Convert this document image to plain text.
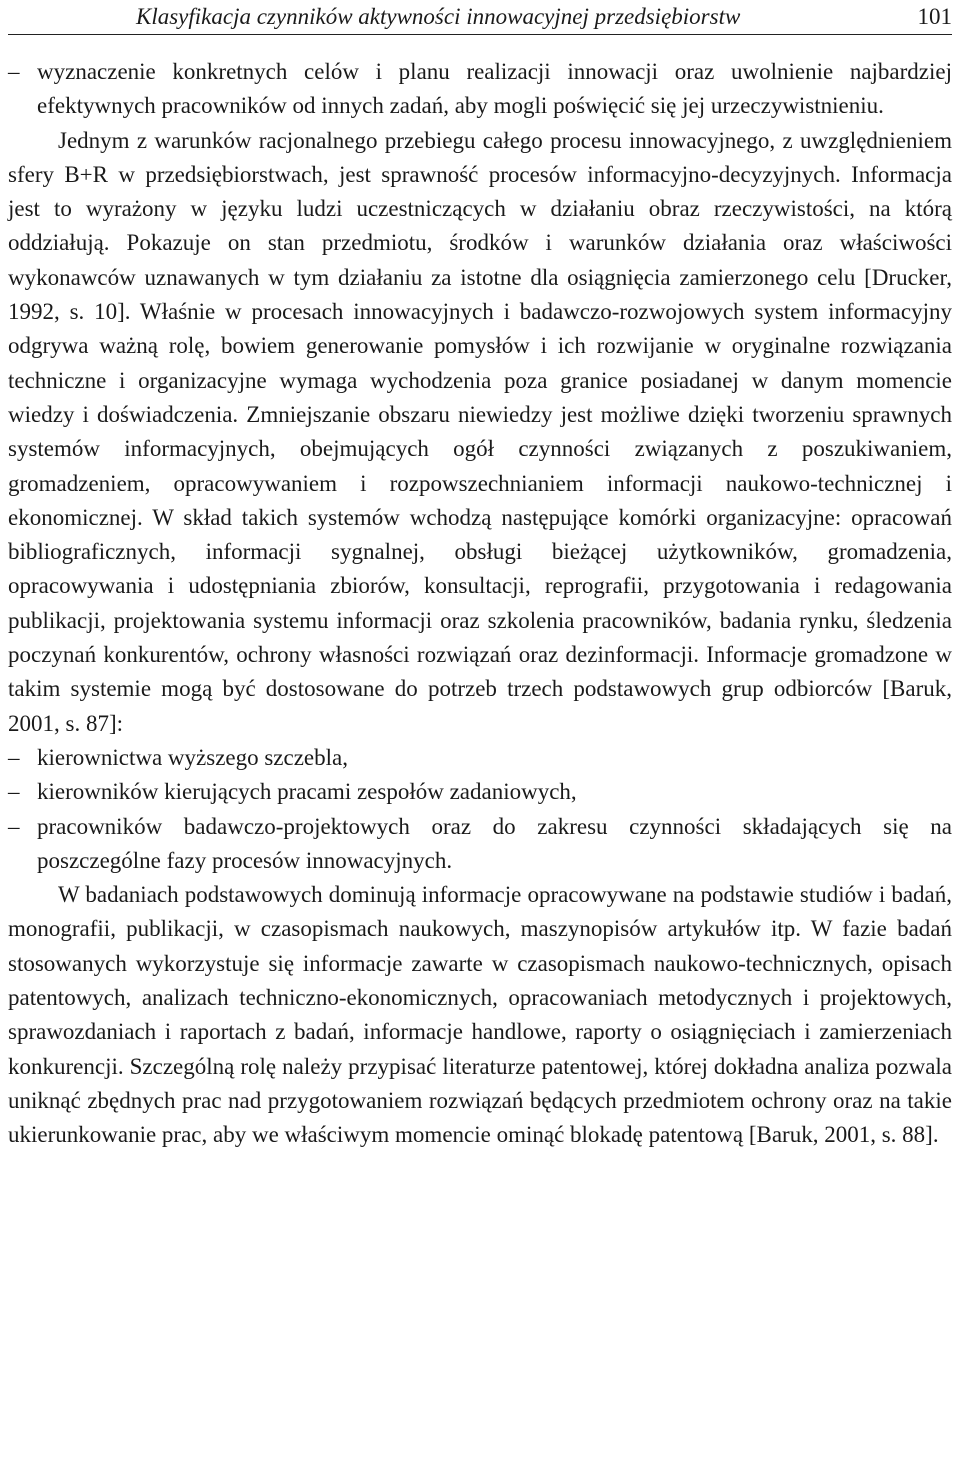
Klasyfikacja czynników aktywności innowacyjnej przedsiębiorstw	101

–
wyznaczenie konkretnych celów i planu realizacji innowacji oraz uwolnienie najbardziej efektywnych pracowników od innych zadań, aby mogli poświęcić się jej urzeczywistnieniu.

Jednym z warunków racjonalnego przebiegu całego procesu innowacyjnego, z uwzględnieniem sfery B+R w przedsiębiorstwach, jest sprawność procesów informacyjno-decyzyjnych. Informacja jest to wyrażony w języku ludzi uczestniczących w działaniu obraz rzeczywistości, na którą oddziałują. Pokazuje on stan przedmiotu, środków i warunków działania oraz właściwości wykonawców uznawanych w tym działaniu za istotne dla osiągnięcia zamierzonego celu [Drucker, 1992, s. 10]. Właśnie w procesach innowacyjnych i badawczo-rozwojowych system informacyjny odgrywa ważną rolę, bowiem generowanie pomysłów i ich rozwijanie w oryginalne rozwiązania techniczne i organizacyjne wymaga wychodzenia poza granice posiadanej w danym momencie wiedzy i doświadczenia. Zmniejszanie obszaru niewiedzy jest możliwe dzięki tworzeniu sprawnych systemów informacyjnych, obejmujących ogół czynności związanych z poszukiwaniem, gromadzeniem, opracowywaniem i rozpowszechnianiem informacji naukowo-technicznej i ekonomicznej. W skład takich systemów wchodzą następujące komórki organizacyjne: opracowań bibliograficznych, informacji sygnalnej, obsługi bieżącej użytkowników, gromadzenia, opracowywania i udostępniania zbiorów, konsultacji, reprografii, przygotowania i redagowania publikacji, projektowania systemu informacji oraz szkolenia pracowników, badania rynku, śledzenia poczynań konkurentów, ochrony własności rozwiązań oraz dezinformacji. Informacje gromadzone w takim systemie mogą być dostosowane do potrzeb trzech podstawowych grup odbiorców [Baruk, 2001, s. 87]:

–
kierownictwa wyższego szczebla,

–
kierowników kierujących pracami zespołów zadaniowych,

–
pracowników badawczo-projektowych oraz do zakresu czynności składających się na poszczególne fazy procesów innowacyjnych.

W badaniach podstawowych dominują informacje opracowywane na podstawie studiów i badań, monografii, publikacji, w czasopismach naukowych, maszynopisów artykułów itp. W fazie badań stosowanych wykorzystuje się informacje zawarte w czasopismach naukowo-technicznych, opisach patentowych, analizach techniczno-ekonomicznych, opracowaniach metodycznych i projektowych, sprawozdaniach i raportach z badań, informacje handlowe, raporty o osiągnięciach i zamierzeniach konkurencji. Szczególną rolę należy przypisać literaturze patentowej, której dokładna analiza pozwala uniknąć zbędnych prac nad przygotowaniem rozwiązań będących przedmiotem ochrony oraz na takie ukierunkowanie prac, aby we właściwym momencie ominąć blokadę patentową [Baruk, 2001, s. 88].
